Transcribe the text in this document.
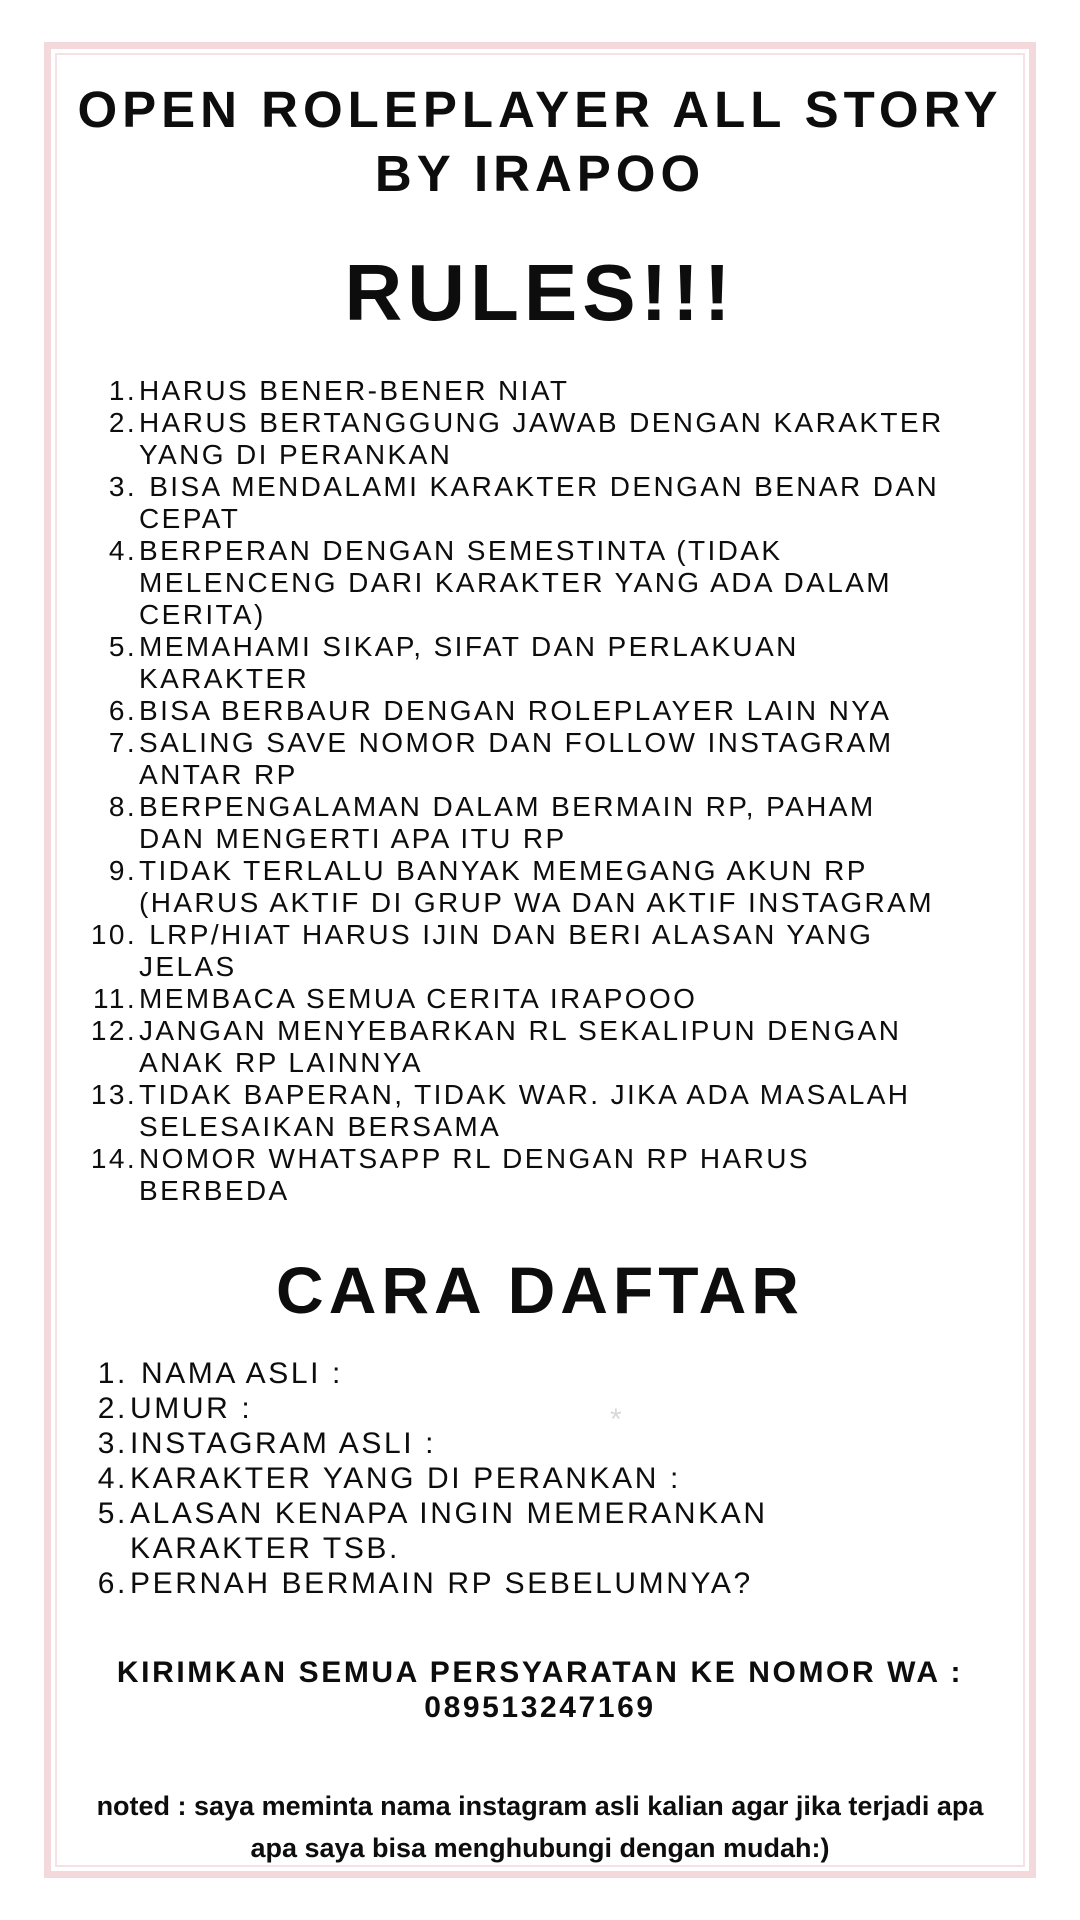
OPEN ROLEPLAYER ALL STORY
BY IRAPOO
RULES!!!
1. HARUS BENER-BENER NIAT
2. HARUS BERTANGGUNG JAWAB DENGAN KARAKTER
YANG DI PERANKAN
3. BISA MENDALAMI KARAKTER DENGAN BENAR DAN
CEPAT
4. BERPERAN DENGAN SEMESTINTA (TIDAK
MELENCENG DARI KARAKTER YANG ADA DALAM
CERITA)
5. MEMAHAMI SIKAP, SIFAT DAN PERLAKUAN
KARAKTER
6. BISA BERBAUR DENGAN ROLEPLAYER LAIN NYA
7. SALING SAVE NOMOR DAN FOLLOW INSTAGRAM
ANTAR RP
8. BERPENGALAMAN DALAM BERMAIN RP, PAHAM
DAN MENGERTI APA ITU RP
9. TIDAK TERLALU BANYAK MEMEGANG AKUN RP
(HARUS AKTIF DI GRUP WA DAN AKTIF INSTAGRAM
10. LRP/HIAT HARUS IJIN DAN BERI ALASAN YANG
JELAS
11. MEMBACA SEMUA CERITA IRAPOOO
12. JANGAN MENYEBARKAN RL SEKALIPUN DENGAN
ANAK RP LAINNYA
13. TIDAK BAPERAN, TIDAK WAR. JIKA ADA MASALAH
SELESAIKAN BERSAMA
14. NOMOR WHATSAPP RL DENGAN RP HARUS
BERBEDA
CARA DAFTAR
1. NAMA ASLI :
2. UMUR :
3. INSTAGRAM ASLI :
4. KARAKTER YANG DI PERANKAN :
5. ALASAN KENAPA INGIN MEMERANKAN
KARAKTER TSB.
6. PERNAH BERMAIN RP SEBELUMNYA?
*
KIRIMKAN SEMUA PERSYARATAN KE NOMOR WA :
089513247169
noted : saya meminta nama instagram asli kalian agar jika terjadi apa apa saya bisa menghubungi dengan mudah:)
